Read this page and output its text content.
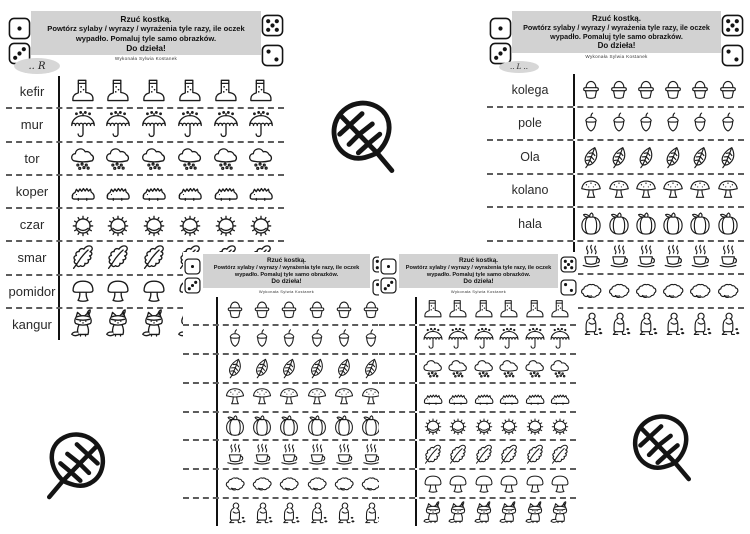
Rzuć kostką.
Powtórz sylaby / wyrazy / wyrażenia tyle razy, ile oczek
wypadło. Pomaluj tyle samo obrazków.
Do dzieła!
Wykonała Sylwia Kostanek
.. R
kefir
mur
tor
koper
czar
smar
pomidor
kangur
Rzuć kostką.
Powtórz sylaby / wyrazy / wyrażenia tyle razy, ile oczek
wypadło. Pomaluj tyle samo obrazków.
Do dzieła!
Wykonała Sylwia Kostanek
.. L ..
kolega
pole
Ola
kolano
hala
Rzuć kostką.
Powtórz sylaby / wyrazy / wyrażenia tyle razy, ile oczek
wypadło. Pomaluj tyle samo obrazków.
Do dzieła!
Wykonała Sylwia Kostanek
Rzuć kostką.
Powtórz sylaby / wyrazy / wyrażenia tyle razy, ile oczek
wypadło. Pomaluj tyle samo obrazków.
Do dzieła!
Wykonała Sylwia Kostanek
